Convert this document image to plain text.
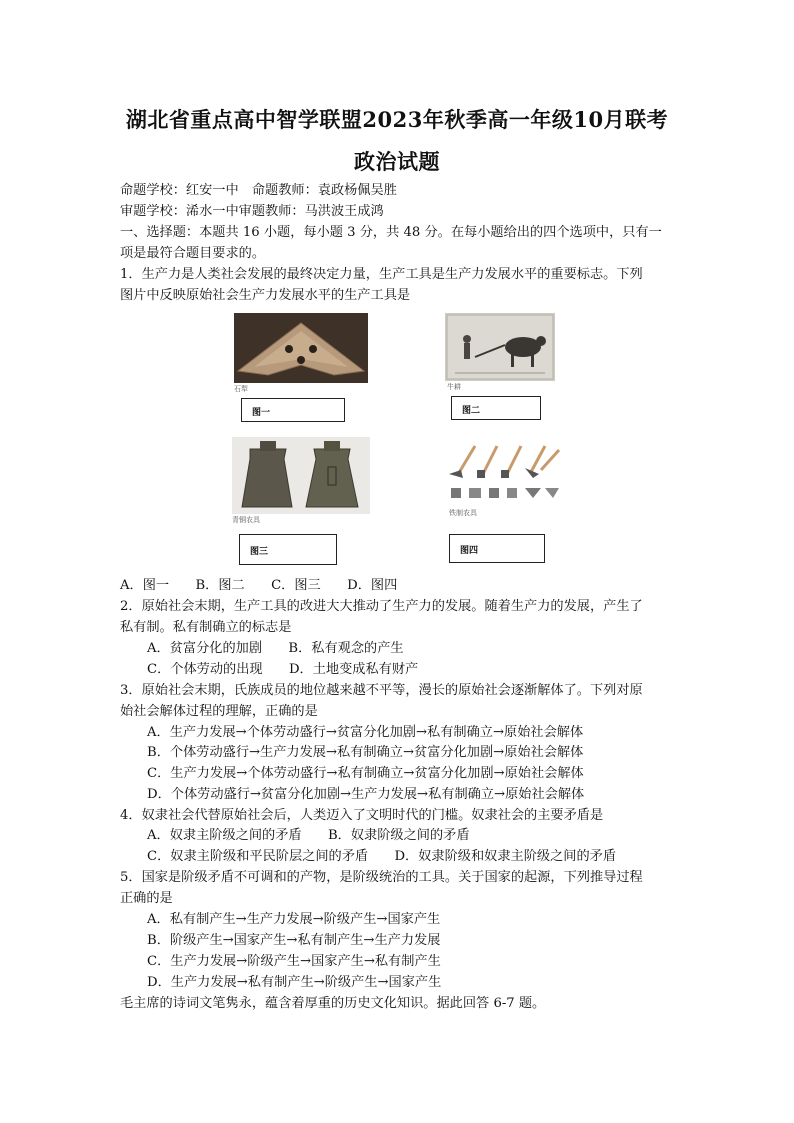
湖北省重点高中智学联盟2023年秋季高一年级10月联考
政治试题
命题学校：红安一中　命题教师：袁政杨佩吴胜
审题学校：浠水一中审题教师：马洪波王成鸿
一、选择题：本题共 16 小题，每小题 3 分，共 48 分。在每小题给出的四个选项中，只有一
项是最符合题目要求的。
1．生产力是人类社会发展的最终决定力量，生产工具是生产力发展水平的重要标志。下列
图片中反映原始社会生产力发展水平的生产工具是
石犁
图一
牛耕
图二
青铜农具
图三
铁制农具
图四
A．图一　　B．图二　　C．图三　　D．图四
2．原始社会末期，生产工具的改进大大推动了生产力的发展。随着生产力的发展，产生了
私有制。私有制确立的标志是
A．贫富分化的加剧　　B．私有观念的产生
C．个体劳动的出现　　D．土地变成私有财产
3．原始社会末期，氏族成员的地位越来越不平等，漫长的原始社会逐渐解体了。下列对原
始社会解体过程的理解，正确的是
A．生产力发展→个体劳动盛行→贫富分化加剧→私有制确立→原始社会解体
B．个体劳动盛行→生产力发展→私有制确立→贫富分化加剧→原始社会解体
C．生产力发展→个体劳动盛行→私有制确立→贫富分化加剧→原始社会解体
D．个体劳动盛行→贫富分化加剧→生产力发展→私有制确立→原始社会解体
4．奴隶社会代替原始社会后，人类迈入了文明时代的门槛。奴隶社会的主要矛盾是
A．奴隶主阶级之间的矛盾　　B．奴隶阶级之间的矛盾
C．奴隶主阶级和平民阶层之间的矛盾　　D．奴隶阶级和奴隶主阶级之间的矛盾
5．国家是阶级矛盾不可调和的产物，是阶级统治的工具。关于国家的起源，下列推导过程
正确的是
A．私有制产生→生产力发展→阶级产生→国家产生
B．阶级产生→国家产生→私有制产生→生产力发展
C．生产力发展→阶级产生→国家产生→私有制产生
D．生产力发展→私有制产生→阶级产生→国家产生
毛主席的诗词文笔隽永，蕴含着厚重的历史文化知识。据此回答 6-7 题。
